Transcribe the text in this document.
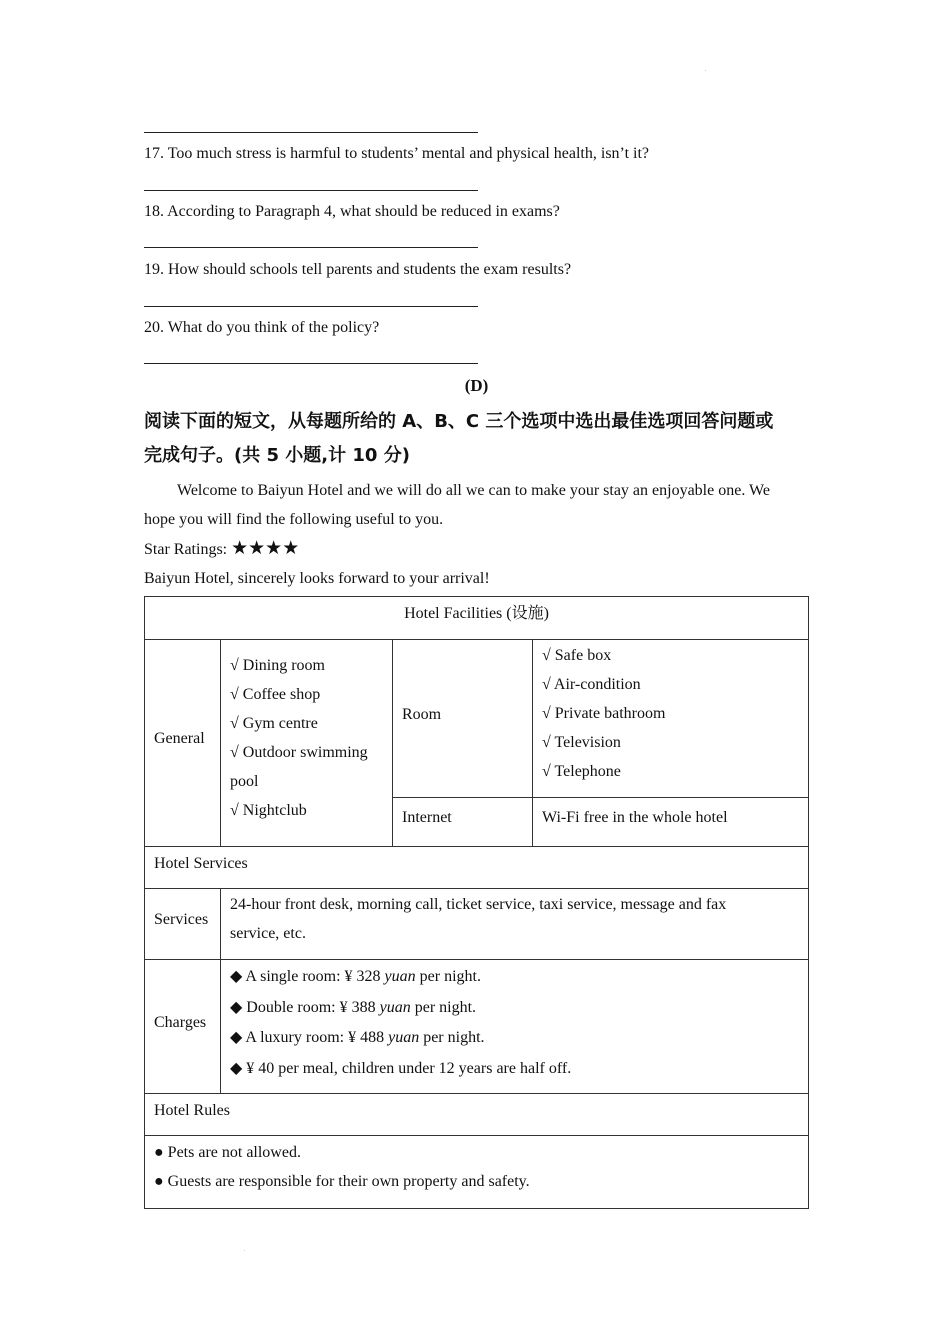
17. Too much stress is harmful to students’ mental and physical health, isn’t it?
18. According to Paragraph 4, what should be reduced in exams?
19. How should schools tell parents and students the exam results?
20. What do you think of the policy?
(D)
阅读下面的短文，从每题所给的 A、B、C 三个选项中选出最佳选项回答问题或
完成句子。(共 5 小题,计 10 分)
Welcome to Baiyun Hotel and we will do all we can to make your stay an enjoyable one. We
hope you will find the following useful to you.
Star Ratings: ★★★★
Baiyun Hotel, sincerely looks forward to your arrival!
Hotel Facilities (设施)
General
√ Dining room
√ Coffee shop
√ Gym centre
√ Outdoor swimming
pool
√ Nightclub
Room
√ Safe box
√ Air-condition
√ Private bathroom
√ Television
√ Telephone
Internet	Wi-Fi free in the whole hotel
Hotel Services
Services
24-hour front desk, morning call, ticket service, taxi service, message and fax
service, etc.
Charges
◆ A single room: ¥ 328 yuan per night.
◆ Double room: ¥ 388 yuan per night.
◆ A luxury room: ¥ 488 yuan per night.
◆ ¥ 40 per meal, children under 12 years are half off.
Hotel Rules
● Pets are not allowed.
● Guests are responsible for their own property and safety.
